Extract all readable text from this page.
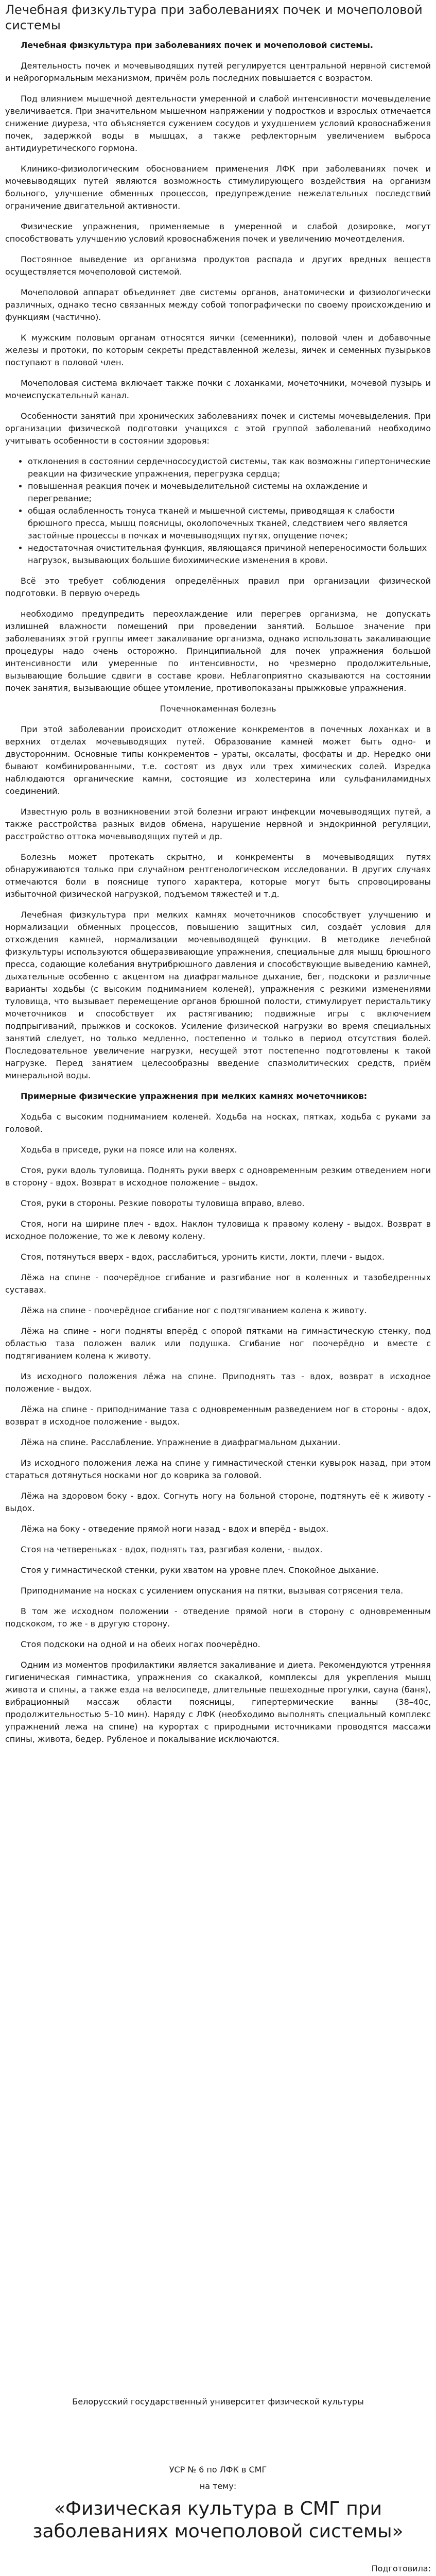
Лечебная физкультура при заболеваниях почек и мочеполовой системы

Лечебная физкультура при заболеваниях почек и мочеполовой системы.

Деятельность почек и мочевыводящих путей регулируется центральной нервной системой и нейрогормальным механизмом, причём роль последних повышается с возрастом.

Под влиянием мышечной деятельности умеренной и слабой интенсивности мочевыделение увеличивается. При значительном мышечном напряжении у подростков и взрослых отмечается снижение диуреза, что объясняется сужением сосудов и ухудшением условий кровоснабжения почек, задержкой воды в мышцах, а также рефлекторным увеличением выброса антидиуретического гормона.

Клинико-физиологическим обоснованием применения ЛФК при заболеваниях почек и мочевыводящих путей являются возможность стимулирующего воздействия на организм больного, улучшение обменных процессов, предупреждение нежелательных последствий ограничение двигательной активности.

Физические упражнения, применяемые в умеренной и слабой дозировке, могут способствовать улучшению условий кровоснабжения почек и увеличению мочеотделения.

Постоянное выведение из организма продуктов распада и других вредных веществ осуществляется мочеполовой системой.

Мочеполовой аппарат объединяет две системы органов, анатомически и физиологически различных, однако тесно связанных между собой топографически по своему происхождению и функциям (частично).

К мужским половым органам относятся яички (семенники), половой член и добавочные железы и протоки, по которым секреты представленной железы, яичек и семенных пузырьков поступают в половой член.

Мочеполовая система включает также почки с лоханками, мочеточники, мочевой пузырь и мочеиспускательный канал.

Особенности занятий при хронических заболеваниях почек и системы мочевыделения. При организации физической подготовки учащихся с этой группой заболеваний необходимо учитывать особенности в состоянии здоровья:

• отклонения в состоянии сердечнососудистой системы, так как возможны гипертонические реакции на физические упражнения, перегрузка сердца;
• повышенная реакция почек и мочевыделительной системы на охлаждение и перегревание;
• общая ослабленность тонуса тканей и мышечной системы, приводящая к слабости брюшного пресса, мышц поясницы, околопочечных тканей, следствием чего является застойные процессы в почках и мочевыводящих путях, опущение почек;
• недостаточная очистительная функция, являющаяся причиной непереносимости больших нагрузок, вызывающих большие биохимические изменения в крови.

Всё это требует соблюдения определённых правил при организации физической подготовки. В первую очередь

необходимо предупредить переохлаждение или перегрев организма, не допускать излишней влажности помещений при проведении занятий. Большое значение при заболеваниях этой группы имеет закаливание организма, однако использовать закаливающие процедуры надо очень осторожно. Принципиальной для почек упражнения большой интенсивности или умеренные по интенсивности, но чрезмерно продолжительные, вызывающие большие сдвиги в составе крови. Неблагоприятно сказываются на состоянии почек занятия, вызывающие общее утомление, противопоказаны прыжковые упражнения.

Почечнокаменная болезнь

При этой заболевании происходит отложение конкрементов в почечных лоханках и в верхних отделах мочевыводящих путей. Образование камней может быть одно- и двусторонним. Основные типы конкрементов – ураты, оксалаты, фосфаты и др. Нередко они бывают комбинированными, т.е. состоят из двух или трех химических солей. Изредка наблюдаются органические камни, состоящие из холестерина или сульфаниламидных соединений.

Известную роль в возникновении этой болезни играют инфекции мочевыводящих путей, а также расстройства разных видов обмена, нарушение нервной и эндокринной регуляции, расстройство оттока мочевыводящих путей и др.

Болезнь может протекать скрытно, и конкременты в мочевыводящих путях обнаруживаются только при случайном рентгенологическом исследовании. В других случаях отмечаются боли в пояснице тупого характера, которые могут быть спровоцированы избыточной физической нагрузкой, подъемом тяжестей и т.д.

Лечебная физкультура при мелких камнях мочеточников способствует улучшению и нормализации обменных процессов, повышению защитных сил, создаёт условия для отхождения камней, нормализации мочевыводящей функции. В методике лечебной физкультуры используются общеразвивающие упражнения, специальные для мышц брюшного пресса, содающие колебания внутрибрюшного давления и способствующие выведению камней, дыхательные особенно с акцентом на диафрагмальное дыхание, бег, подскоки и различные варианты ходьбы (с высоким подниманием коленей), упражнения с резкими изменениями туловища, что вызывает перемещение органов брюшной полости, стимулирует перистальтику мочеточников и способствует их растягиванию; подвижные игры с включением подпрыгиваний, прыжков и соскоков. Усиление физической нагрузки во время специальных занятий следует, но только медленно, постепенно и только в период отсутствия болей. Последовательное увеличение нагрузки, несущей этот постепенно подготовлены к такой нагрузке. Перед занятием целесообразны введение спазмолитических средств, приём минеральной воды.

Примерные физические упражнения при мелких камнях мочеточников:

Ходьба с высоким подниманием коленей. Ходьба на носках, пятках, ходьба с руками за головой.

Ходьба в приседе, руки на поясе или на коленях.

Стоя, руки вдоль туловища. Поднять руки вверх с одновременным резким отведением ноги в сторону - вдох. Возврат в исходное положение – выдох.

Стоя, руки в стороны. Резкие повороты туловища вправо, влево.

Стоя, ноги на ширине плеч - вдох. Наклон туловища к правому колену - выдох. Возврат в исходное положение, то же к левому колену.

Стоя, потянуться вверх - вдох, расслабиться, уронить кисти, локти, плечи - выдох.

Лёжа на спине - поочерёдное сгибание и разгибание ног в коленных и тазобедренных суставах.

Лёжа на спине - поочерёдное сгибание ног с подтягиванием колена к животу.

Лёжа на спине - ноги подняты вперёд с опорой пятками на гимнастическую стенку, под областью таза положен валик или подушка. Сгибание ног поочерёдно и вместе с подтягиванием колена к животу.

Из исходного положения лёжа на спине. Приподнять таз - вдох, возврат в исходное положение - выдох.

Лёжа на спине - приподнимание таза с одновременным разведением ног в стороны - вдох, возврат в исходное положение - выдох.

Лёжа на спине. Расслабление. Упражнение в диафрагмальном дыхании.

Из исходного положения лежа на спине у гимнастической стенки кувырок назад, при этом стараться дотянуться носками ног до коврика за головой.

Лёжа на здоровом боку - вдох. Согнуть ногу на больной стороне, подтянуть её к животу - выдох.

Лёжа на боку - отведение прямой ноги назад - вдох и вперёд - выдох.

Стоя на четвереньках - вдох, поднять таз, разгибая колени, - выдох.

Стоя у гимнастической стенки, руки хватом на уровне плеч. Спокойное дыхание.

Приподнимание на носках с усилением опускания на пятки, вызывая сотрясения тела.

В том же исходном положении - отведение прямой ноги в сторону с одновременным подскоком, то же - в другую сторону.

Стоя подскоки на одной и на обеих ногах поочерёдно.

Одним из моментов профилактики является закаливание и диета. Рекомендуются утренняя гигиеническая гимнастика, упражнения со скакалкой, комплексы для укрепления мышц живота и спины, а также езда на велосипеде, длительные пешеходные прогулки, сауна (баня), вибрационный массаж области поясницы, гипертермические ванны (38–40с, продолжительностью 5–10 мин). Наряду с ЛФК (необходимо выполнять специальный комплекс упражнений лежа на спине) на курортах с природными источниками проводятся массажи спины, живота, бедер. Рубленое и покалывание исключаются.

Белорусский государственный университет физической культуры
УСР № 6 по ЛФК в СМГ
на тему:
«Физическая культура в СМГ при заболеваниях мочеполовой системы»
Подготовила:
